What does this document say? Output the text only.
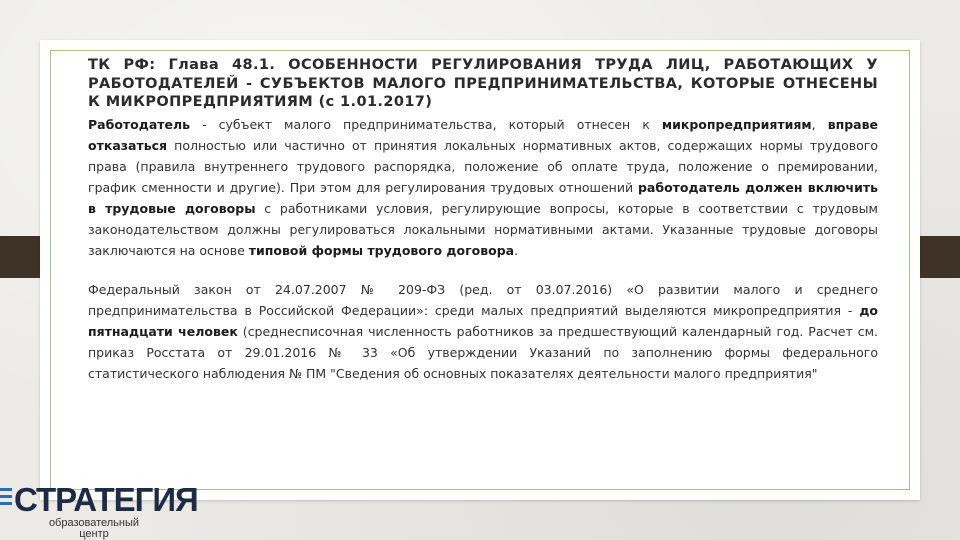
ТК РФ: Глава 48.1. ОСОБЕННОСТИ РЕГУЛИРОВАНИЯ ТРУДА ЛИЦ, РАБОТАЮЩИХ У РАБОТОДАТЕЛЕЙ - СУБЪЕКТОВ МАЛОГО ПРЕДПРИНИМАТЕЛЬСТВА, КОТОРЫЕ ОТНЕСЕНЫ К МИКРОПРЕДПРИЯТИЯМ (с 1.01.2017)

Работодатель - субъект малого предпринимательства, который отнесен к микропредприятиям, вправе отказаться полностью или частично от принятия локальных нормативных актов, содержащих нормы трудового права (правила внутреннего трудового распорядка, положение об оплате труда, положение о премировании, график сменности и другие). При этом для регулирования трудовых отношений работодатель должен включить в трудовые договоры с работниками условия, регулирующие вопросы, которые в соответствии с трудовым законодательством должны регулироваться локальными нормативными актами. Указанные трудовые договоры заключаются на основе типовой формы трудового договора.

Федеральный закон от 24.07.2007 № 209-ФЗ (ред. от 03.07.2016) «О развитии малого и среднего предпринимательства в Российской Федерации»: среди малых предприятий выделяются микропредприятия - до пятнадцати человек (среднесписочная численность работников за предшествующий календарный год. Расчет см. приказ Росстата от 29.01.2016 № 33 «Об утверждении Указаний по заполнению формы федерального статистического наблюдения № ПМ "Сведения об основных показателях деятельности малого предприятия"

СТРАТЕГИЯ
образовательный центр
